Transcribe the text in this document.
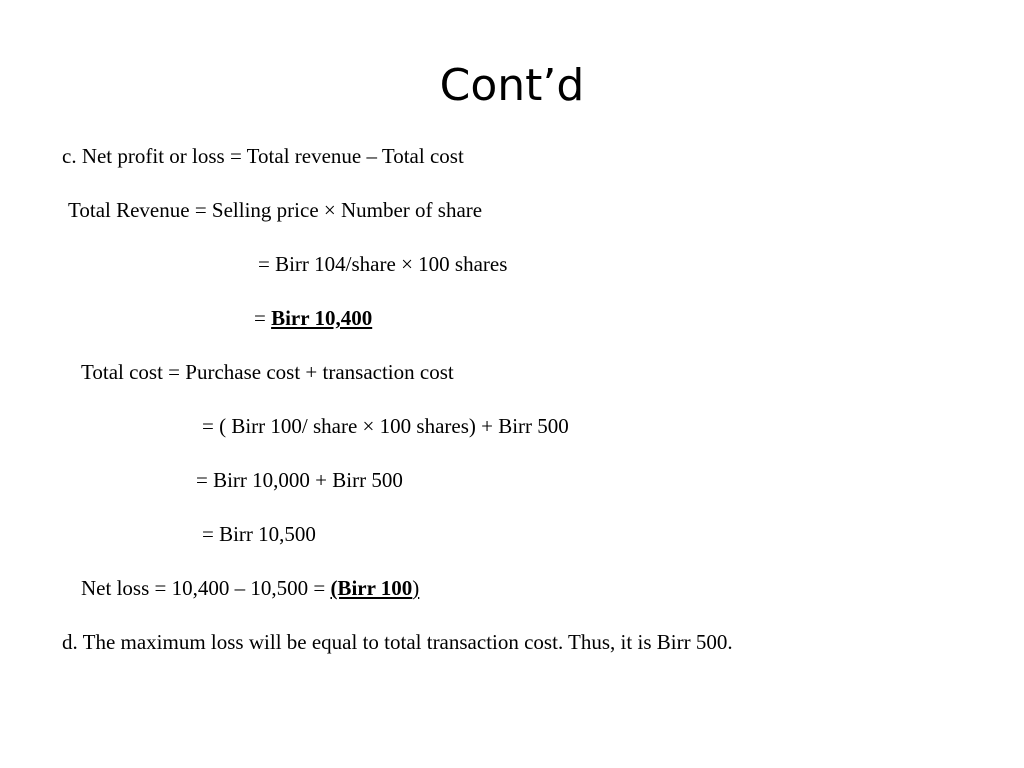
Cont’d
c. Net profit or loss = Total revenue – Total cost
Total Revenue = Selling price × Number of share
= Birr 104/share × 100 shares
= Birr 10,400
Total cost = Purchase cost + transaction cost
= ( Birr 100/ share × 100 shares) + Birr 500
= Birr 10,000 + Birr 500
= Birr 10,500
Net loss = 10,400 – 10,500 = (Birr 100)
d. The maximum loss will be equal to total transaction cost. Thus, it is Birr 500.
